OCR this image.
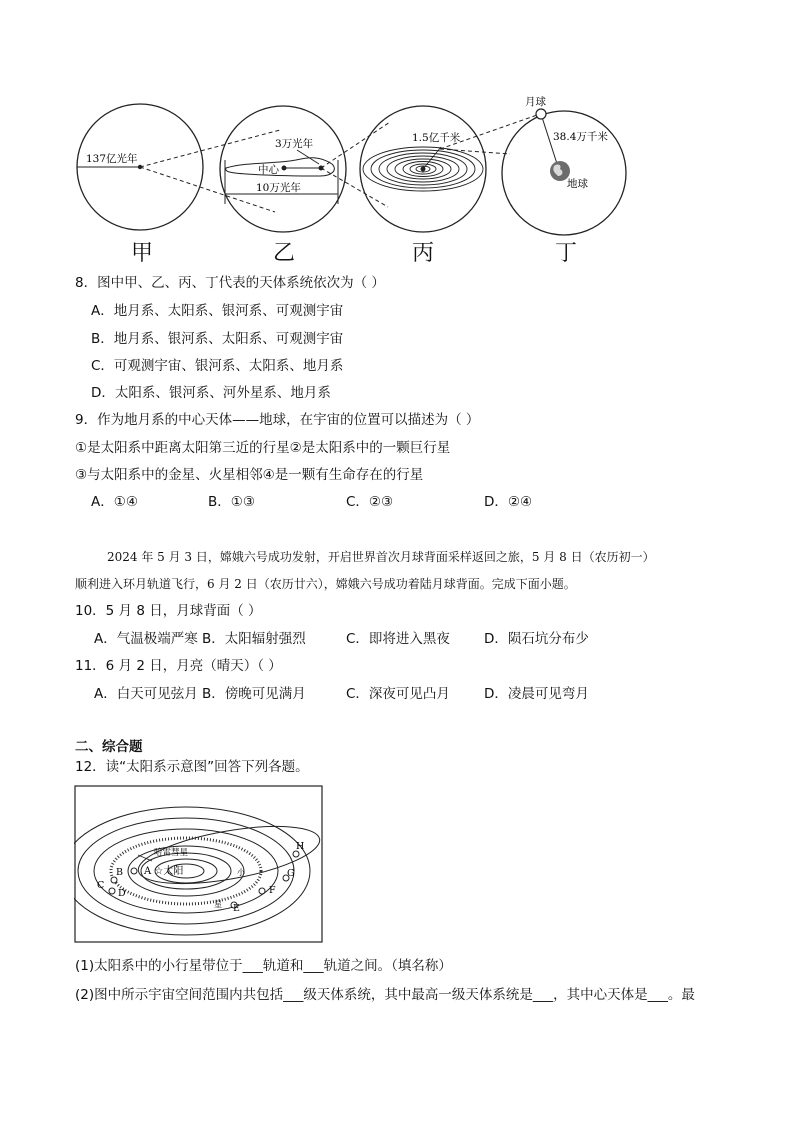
137亿光年
3万光年
中心
10万光年
1.5亿千米
月球
38.4万千米
地球
甲	乙	丙	丁
8．图中甲、乙、丙、丁代表的天体系统依次为（ ）
A．地月系、太阳系、银河系、可观测宇宙
B．地月系、银河系、太阳系、可观测宇宙
C．可观测宇宙、银河系、太阳系、地月系
D．太阳系、银河系、河外星系、地月系
9．作为地月系的中心天体——地球，在宇宙的位置可以描述为（ ）
①是太阳系中距离太阳第三近的行星②是太阳系中的一颗巨行星
③与太阳系中的金星、火星相邻④是一颗有生命存在的行星
A．①④	B．①③	C．②③	D．②④
2024 年 5 月 3 日，嫦娥六号成功发射，开启世界首次月球背面采样返回之旅，5 月 8 日（农历初一）
顺利进入环月轨道飞行，6 月 2 日（农历廿六），嫦娥六号成功着陆月球背面。完成下面小题。
10．5 月 8 日，月球背面（ ）
A．气温极端严寒 B．太阳辐射强烈	C．即将进入黑夜	D．陨石坑分布少
11．6 月 2 日，月亮（晴天）（ ）
A．白天可见弦月 B．傍晚可见满月	C．深夜可见凸月	D．凌晨可见弯月
二、综合题
12．读“太阳系示意图”回答下列各题。
哈雷彗星
A ☆太阳
B
C
D
E
F
G
H
小
星
(1)太阳系中的小行星带位于___轨道和___轨道之间。（填名称）
(2)图中所示宇宙空间范围内共包括___级天体系统，其中最高一级天体系统是___，其中心天体是___。最
